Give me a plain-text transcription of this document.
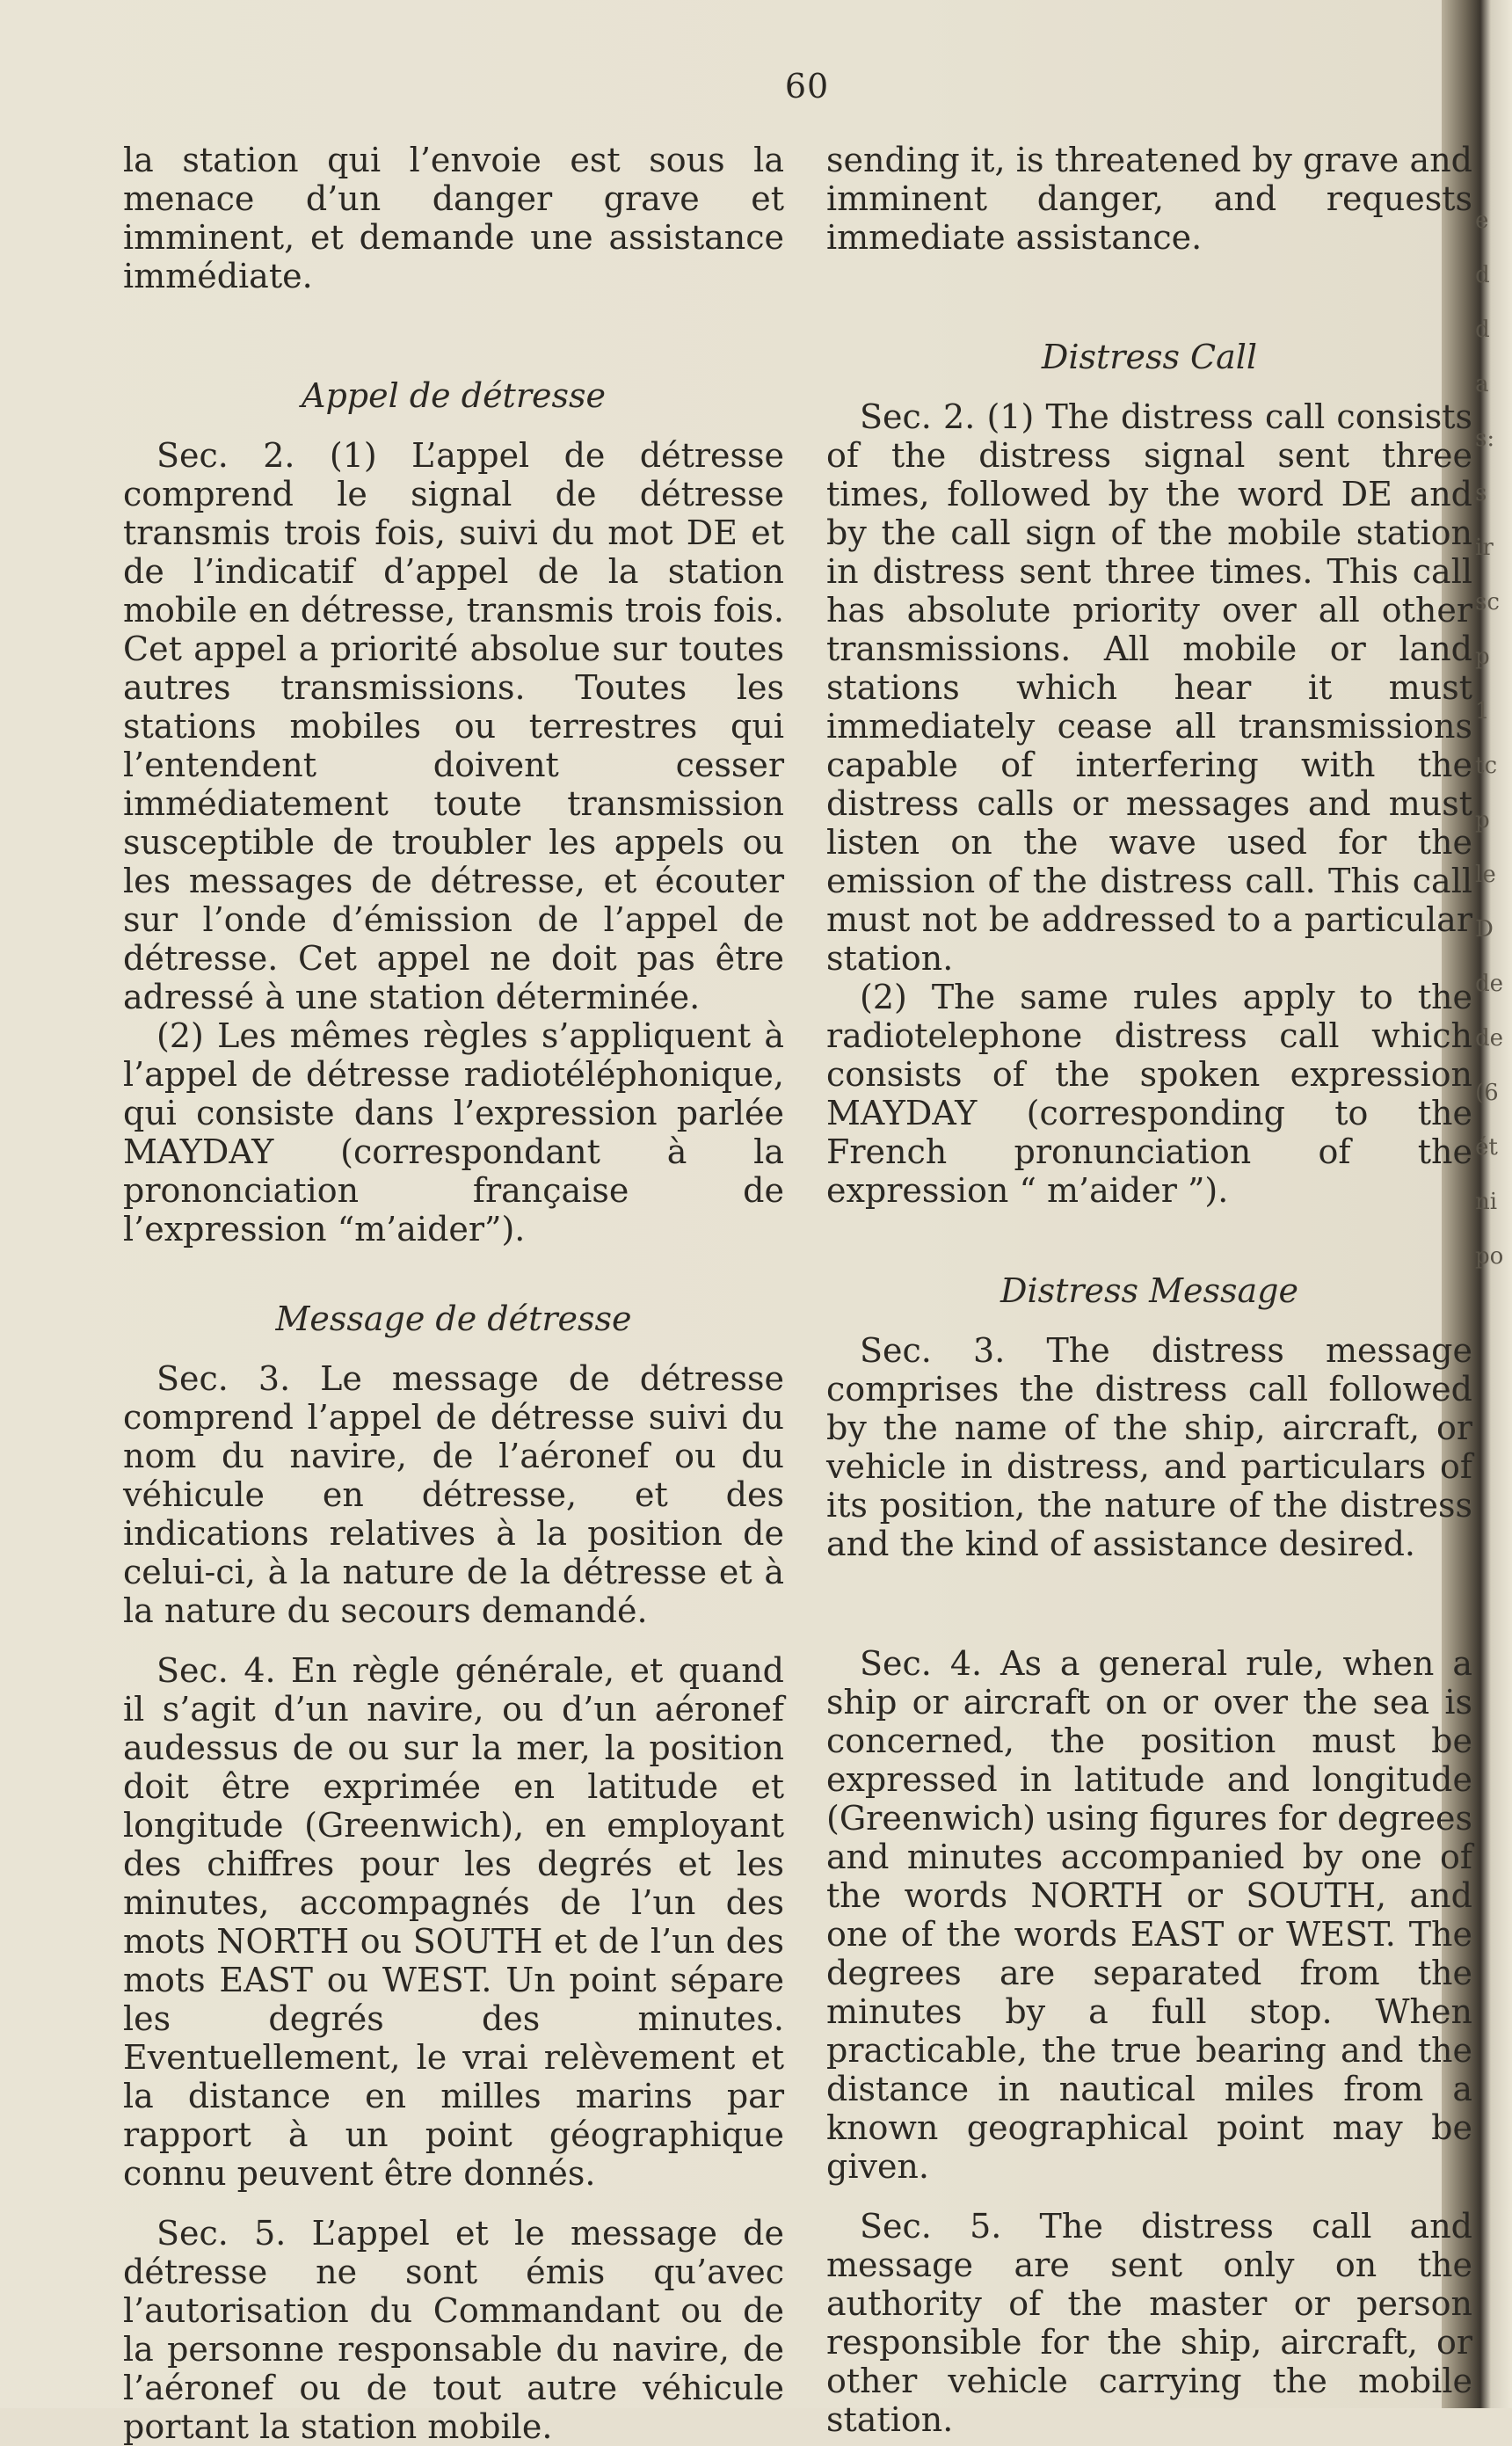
60

la station qui l’envoie est sous la menace d’un danger grave et imminent, et demande une assistance immédiate.

Appel de détresse

Sec. 2. (1) L’appel de détresse comprend le signal de détresse transmis trois fois, suivi du mot DE et de l’indicatif d’appel de la station mobile en détresse, transmis trois fois. Cet appel a priorité absolue sur toutes autres transmissions. Toutes les stations mobiles ou terrestres qui l’entendent doivent cesser immédiatement toute transmission susceptible de troubler les appels ou les messages de détresse, et écouter sur l’onde d’émission de l’appel de détresse. Cet appel ne doit pas être adressé à une station déterminée.

(2) Les mêmes règles s’appliquent à l’appel de détresse radiotéléphonique, qui consiste dans l’expression parlée MAYDAY (correspondant à la prononciation française de l’expression “m’aider”).

Message de détresse

Sec. 3. Le message de détresse comprend l’appel de détresse suivi du nom du navire, de l’aéronef ou du véhicule en détresse, et des indications relatives à la position de celui-ci, à la nature de la détresse et à la nature du secours demandé.

Sec. 4. En règle générale, et quand il s’agit d’un navire, ou d’un aéronef audessus de ou sur la mer, la position doit être exprimée en latitude et longitude (Greenwich), en employant des chiffres pour les degrés et les minutes, accompagnés de l’un des mots NORTH ou SOUTH et de l’un des mots EAST ou WEST. Un point sépare les degrés des minutes. Eventuellement, le vrai relèvement et la distance en milles marins par rapport à un point géographique connu peuvent être donnés.

Sec. 5. L’appel et le message de détresse ne sont émis qu’avec l’autorisation du Commandant ou de la personne responsable du navire, de l’aéronef ou de tout autre véhicule portant la station mobile.

sending it, is threatened by grave and imminent danger, and requests immediate assistance.

Distress Call

Sec. 2. (1) The distress call consists of the distress signal sent three times, followed by the word DE and by the call sign of the mobile station in distress sent three times. This call has absolute priority over all other transmissions. All mobile or land stations which hear it must immediately cease all transmissions capable of interfering with the distress calls or messages and must listen on the wave used for the emission of the distress call. This call must not be addressed to a particular station.

(2) The same rules apply to the radiotelephone distress call which consists of the spoken expression MAYDAY (corresponding to the French pronunciation of the expression “ m’aider ”).

Distress Message

Sec. 3. The distress message comprises the distress call followed by the name of the ship, aircraft, or vehicle in distress, and particulars of its position, the nature of the distress and the kind of assistance desired.

Sec. 4. As a general rule, when a ship or aircraft on or over the sea is concerned, the position must be expressed in latitude and longitude (Greenwich) using figures for degrees and minutes accompanied by one of the words NORTH or SOUTH, and one of the words EAST or WEST. The degrees are separated from the minutes by a full stop. When practicable, the true bearing and the distance in nautical miles from a known geographical point may be given.

Sec. 5. The distress call and message are sent only on the authority of the master or person responsible for the ship, aircraft, or other vehicle carrying the mobile station.

e
d
d
a
s:
s
ir
sc
p
1
tc
p
le
D
de
de
(6
ét
ni
po
